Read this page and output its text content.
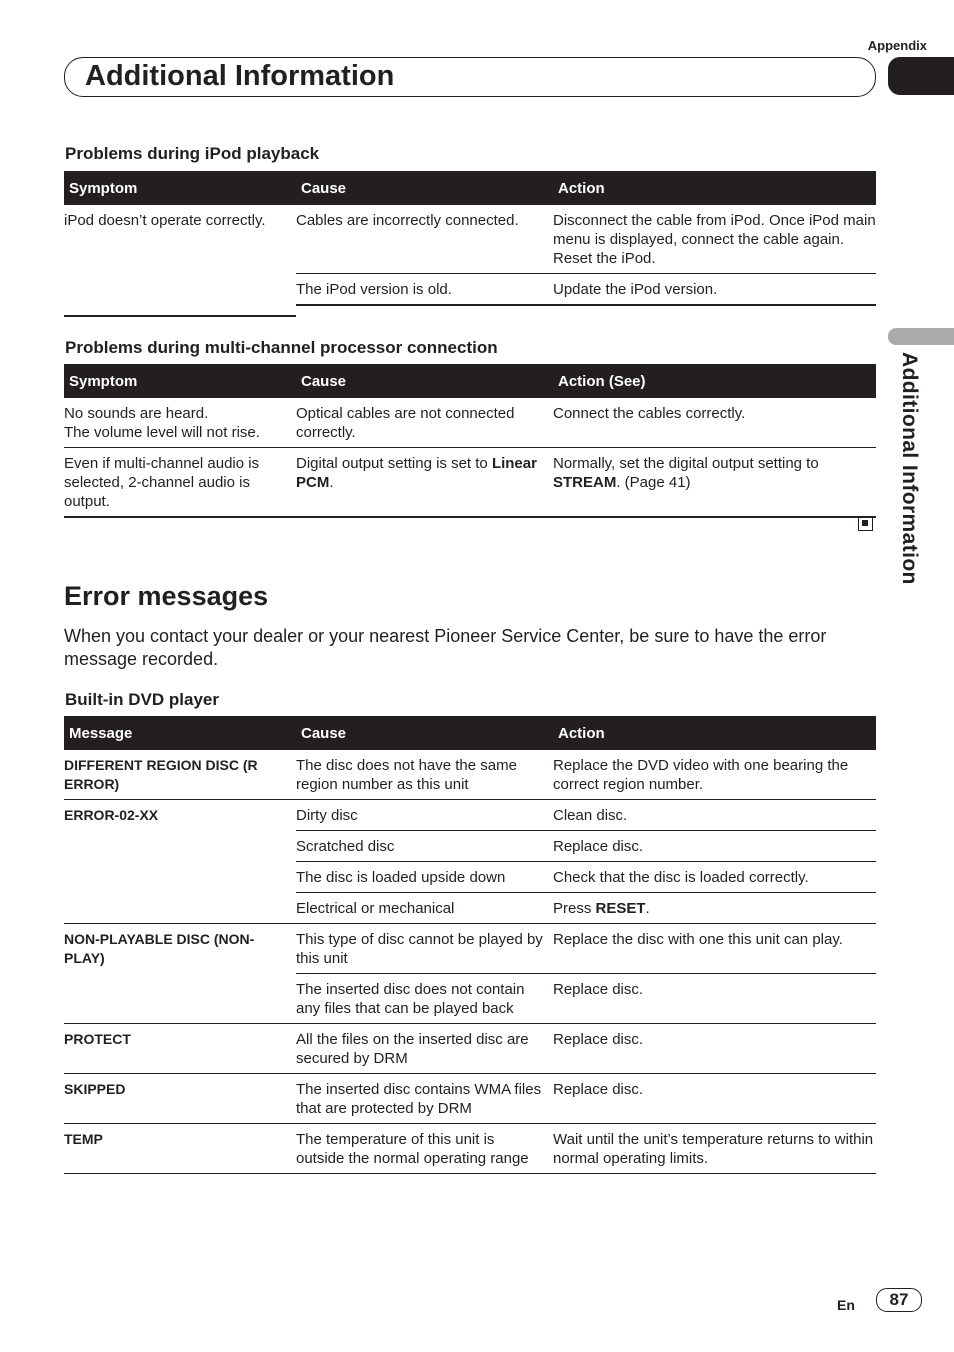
Appendix
Additional Information
Additional Information
Problems during iPod playback
Symptom	Cause	Action
iPod doesn’t operate correctly.	Cables are incorrectly connected.	Disconnect the cable from iPod. Once iPod main menu is displayed, connect the cable again.
Reset the iPod.
	The iPod version is old.	Update the iPod version.
Problems during multi-channel processor connection
Symptom	Cause	Action (See)
No sounds are heard.
The volume level will not rise.	Optical cables are not connected correctly.	Connect the cables correctly.
Even if multi-channel audio is selected, 2-channel audio is output.	Digital output setting is set to Linear PCM.	Normally, set the digital output setting to STREAM. (Page 41)
Error messages
When you contact your dealer or your nearest Pioneer Service Center, be sure to have the error message recorded.
Built-in DVD player
Message	Cause	Action
DIFFERENT REGION DISC (R ERROR)	The disc does not have the same region number as this unit	Replace the DVD video with one bearing the correct region number.
ERROR-02-XX	Dirty disc	Clean disc.
	Scratched disc	Replace disc.
	The disc is loaded upside down	Check that the disc is loaded correctly.
	Electrical or mechanical	Press RESET.
NON-PLAYABLE DISC (NON-PLAY)	This type of disc cannot be played by this unit	Replace the disc with one this unit can play.
	The inserted disc does not contain any files that can be played back	Replace disc.
PROTECT	All the files on the inserted disc are secured by DRM	Replace disc.
SKIPPED	The inserted disc contains WMA files that are protected by DRM	Replace disc.
TEMP	The temperature of this unit is outside the normal operating range	Wait until the unit’s temperature returns to within normal operating limits.
En	87
